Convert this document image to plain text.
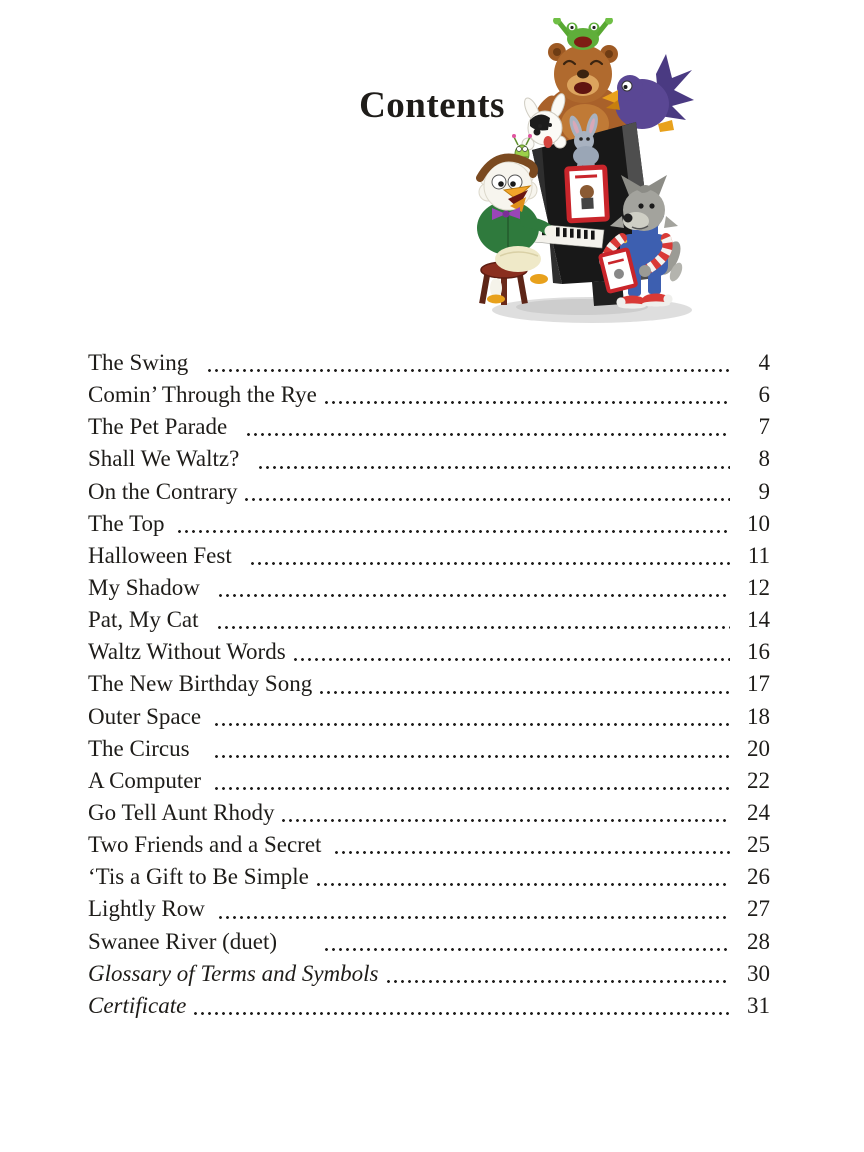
Contents
The Swing	4
Comin’ Through the Rye	6
The Pet Parade	7
Shall We Waltz?	8
On the Contrary	9
The Top	10
Halloween Fest	11
My Shadow	12
Pat, My Cat	14
Waltz Without Words	16
The New Birthday Song	17
Outer Space	18
The Circus	20
A Computer	22
Go Tell Aunt Rhody	24
Two Friends and a Secret	25
‘Tis a Gift to Be Simple	26
Lightly Row	27
Swanee River (duet)	28
Glossary of Terms and Symbols	30
Certificate	31
